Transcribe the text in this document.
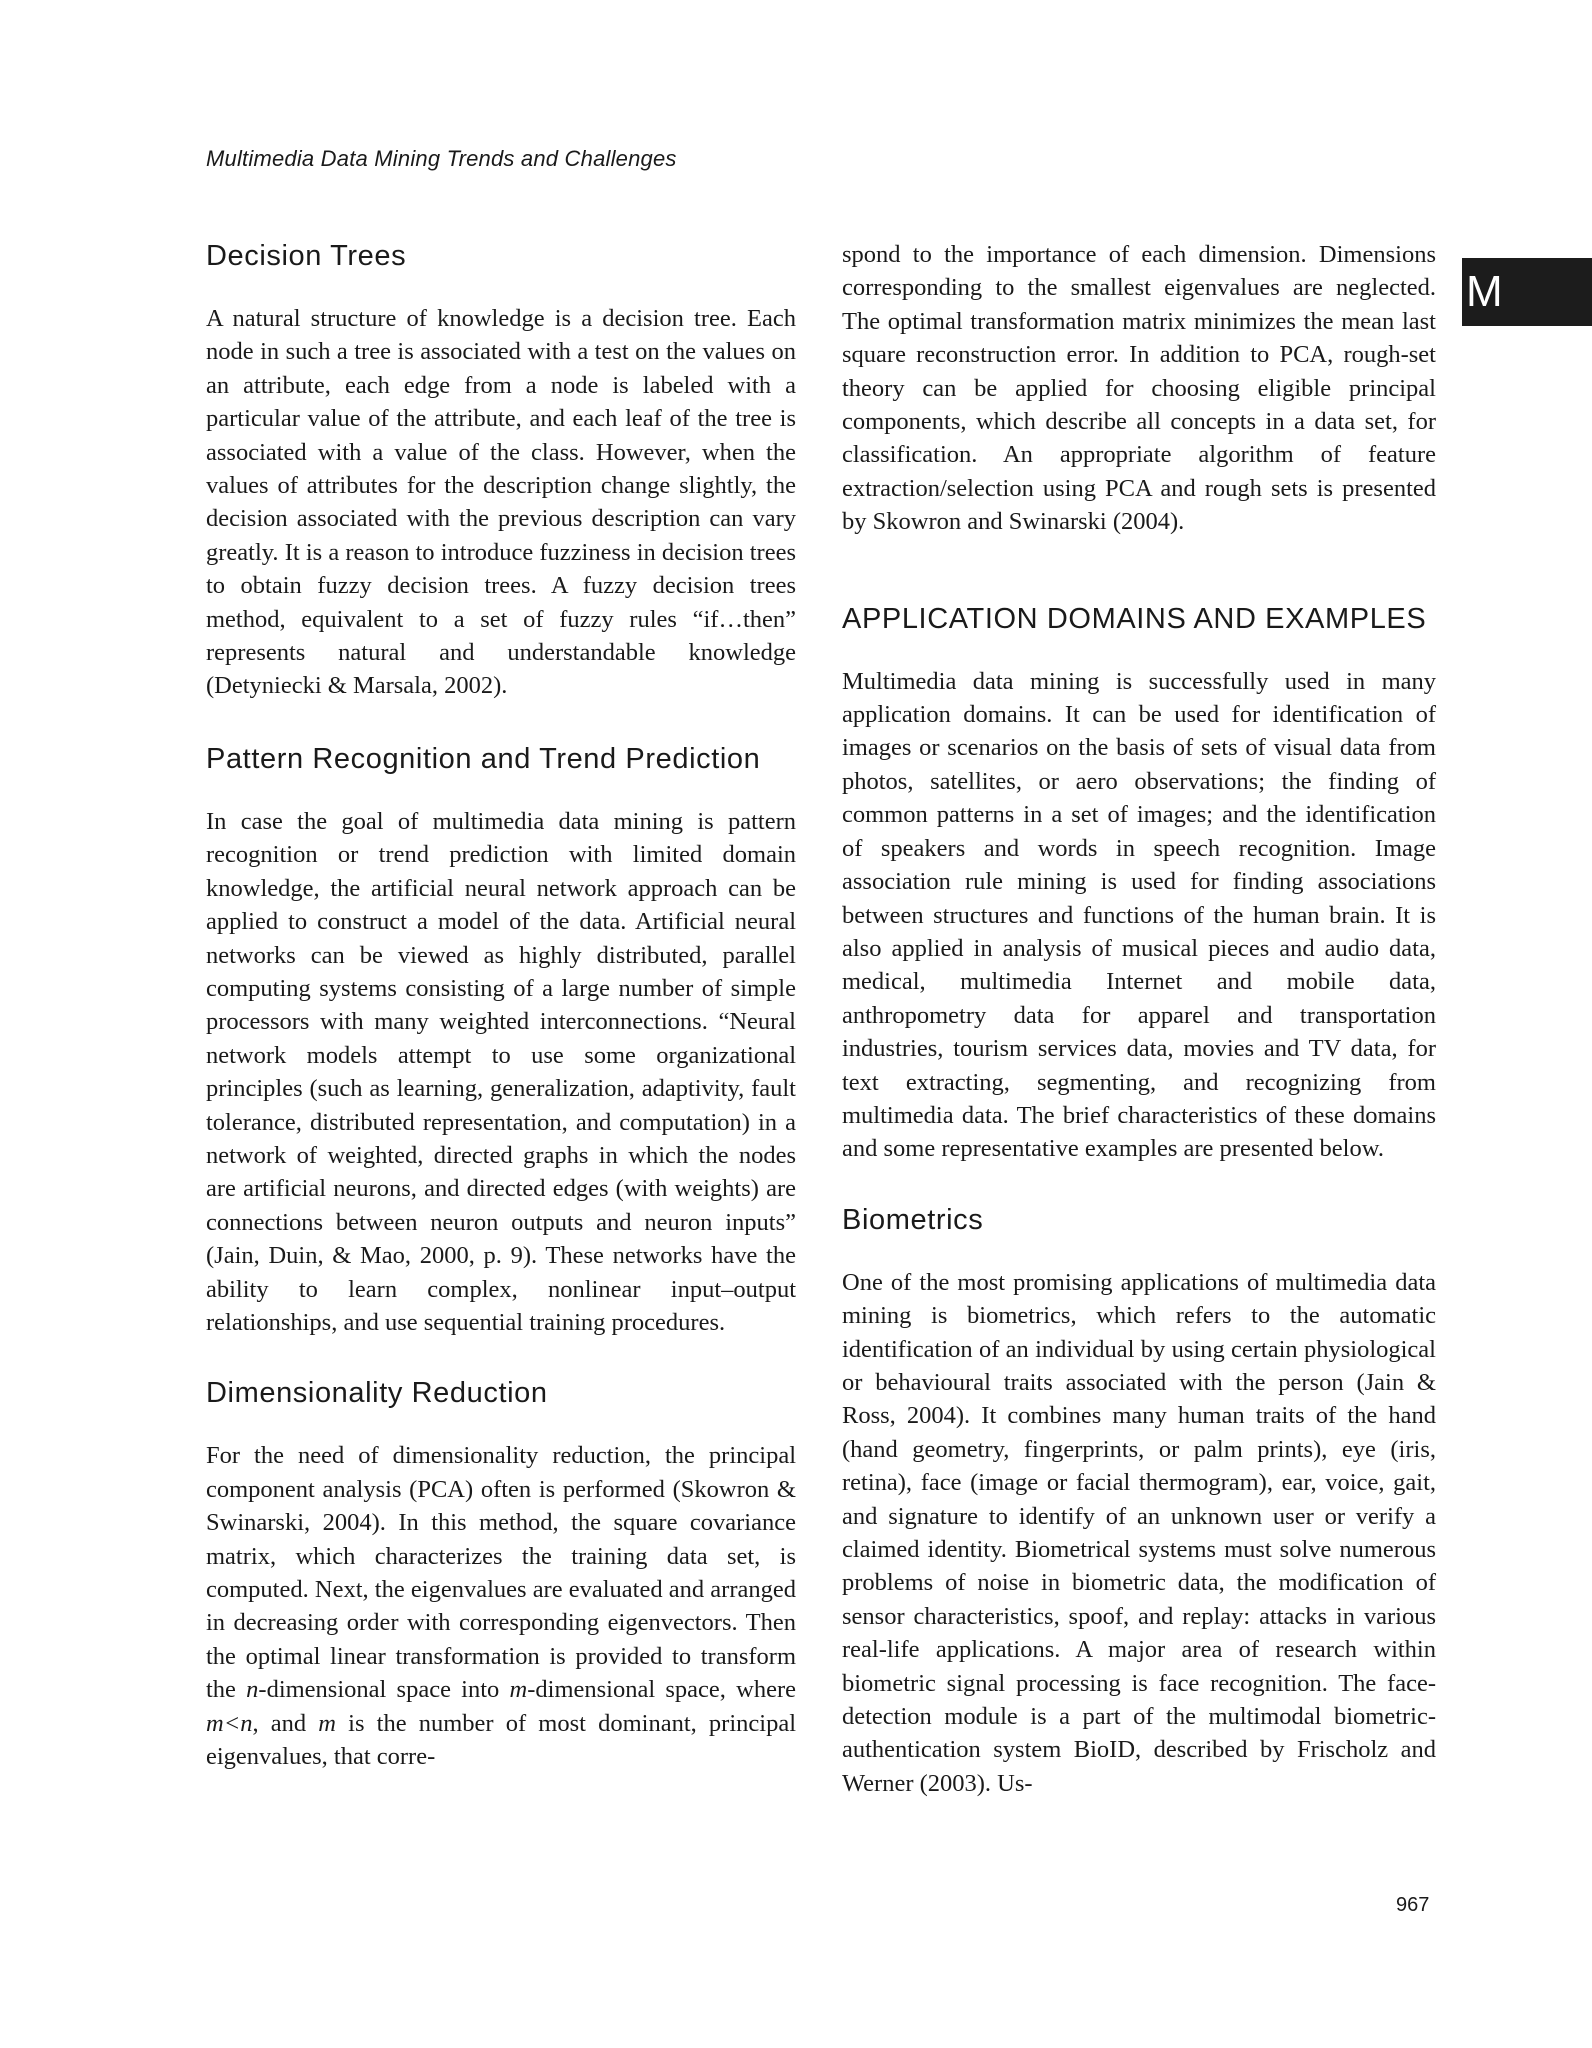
Multimedia Data Mining Trends and Challenges
M
Decision Trees

A natural structure of knowledge is a decision tree. Each node in such a tree is associated with a test on the values on an attribute, each edge from a node is labeled with a particular value of the attribute, and each leaf of the tree is associated with a value of the class. However, when the values of attributes for the description change slightly, the decision associated with the previous description can vary greatly. It is a reason to introduce fuzziness in decision trees to obtain fuzzy decision trees. A fuzzy decision trees method, equivalent to a set of fuzzy rules “if…then” represents natural and understandable knowledge (Detyniecki & Marsala, 2002).

Pattern Recognition and Trend Prediction

In case the goal of multimedia data mining is pattern recognition or trend prediction with limited domain knowledge, the artificial neural network approach can be applied to construct a model of the data. Artificial neural networks can be viewed as highly distributed, parallel computing systems consisting of a large number of simple processors with many weighted interconnections. “Neural network models attempt to use some organizational principles (such as learning, generalization, adaptivity, fault tolerance, distributed representation, and computation) in a network of weighted, directed graphs in which the nodes are artificial neurons, and directed edges (with weights) are connections between neuron outputs and neuron inputs” (Jain, Duin, & Mao, 2000, p. 9). These networks have the ability to learn complex, nonlinear input–output relationships, and use sequential training procedures.

Dimensionality Reduction

For the need of dimensionality reduction, the principal component analysis (PCA) often is performed (Skowron & Swinarski, 2004). In this method, the square covariance matrix, which characterizes the training data set, is computed. Next, the eigenvalues are evaluated and arranged in decreasing order with corresponding eigenvectors. Then the optimal linear transformation is provided to transform the n-dimensional space into m-dimensional space, where m<n, and m is the number of most dominant, principal eigenvalues, that corre-

spond to the importance of each dimension. Dimensions corresponding to the smallest eigenvalues are neglected. The optimal transformation matrix minimizes the mean last square reconstruction error. In addition to PCA, rough-set theory can be applied for choosing eligible principal components, which describe all concepts in a data set, for classification. An appropriate algorithm of feature extraction/selection using PCA and rough sets is presented by Skowron and Swinarski (2004).

APPLICATION DOMAINS AND EXAMPLES

Multimedia data mining is successfully used in many application domains. It can be used for identification of images or scenarios on the basis of sets of visual data from photos, satellites, or aero observations; the finding of common patterns in a set of images; and the identification of speakers and words in speech recognition. Image association rule mining is used for finding associations between structures and functions of the human brain. It is also applied in analysis of musical pieces and audio data, medical, multimedia Internet and mobile data, anthropometry data for apparel and transportation industries, tourism services data, movies and TV data, for text extracting, segmenting, and recognizing from multimedia data. The brief characteristics of these domains and some representative examples are presented below.

Biometrics

One of the most promising applications of multimedia data mining is biometrics, which refers to the automatic identification of an individual by using certain physiological or behavioural traits associated with the person (Jain & Ross, 2004). It combines many human traits of the hand (hand geometry, fingerprints, or palm prints), eye (iris, retina), face (image or facial thermogram), ear, voice, gait, and signature to identify of an unknown user or verify a claimed identity. Biometrical systems must solve numerous problems of noise in biometric data, the modification of sensor characteristics, spoof, and replay: attacks in various real-life applications. A major area of research within biometric signal processing is face recognition. The face-detection module is a part of the multimodal biometric-authentication system BioID, described by Frischolz and Werner (2003). Us-

967
